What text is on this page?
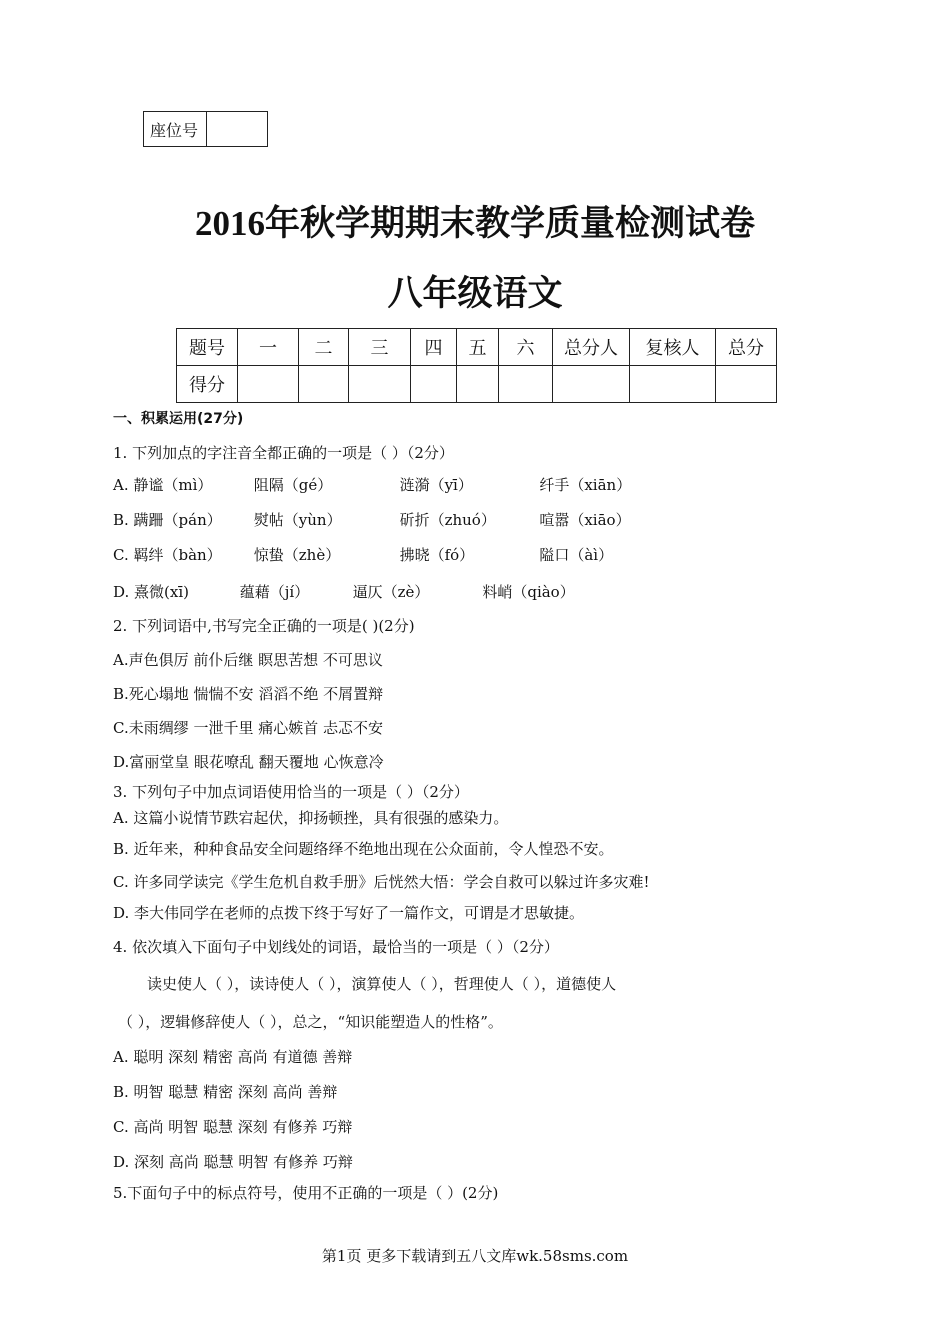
座位号	
2016年秋学期期末教学质量检测试卷
八年级语文
题号	一	二	三	四	五	六	总分人	复核人	总分
得分									
一、积累运用(27分)
1. 下列加点的字注音全都正确的一项是（ ）（2分）
A. 静谧（mì）	阻隔（gé）	涟漪（yī）	纤手（xiān）
B. 蹒跚（pán） 熨帖（yùn）	斫折（zhuó）	喧嚣（xiāo）
C. 羁绊（bàn） 惊蛰（zhè）	拂晓（fó）	隘口（àì）
D. 熹微(xī)	蕴藉（jí）	逼仄（zè）	料峭（qiào）
2. 下列词语中,书写完全正确的一项是( )(2分)
A.声色俱厉 前仆后继 瞑思苦想 不可思议
B.死心塌地 惴惴不安 滔滔不绝 不屑置辩
C.未雨绸缪 一泄千里 痛心嫉首 忐忑不安
D.富丽堂皇 眼花嘹乱 翻天覆地 心恢意冷
3. 下列句子中加点词语使用恰当的一项是（ ）（2分）
A. 这篇小说情节跌宕起伏，抑扬顿挫，具有很强的感染力。
B. 近年来，种种食品安全问题络绎不绝地出现在公众面前，令人惶恐不安。
C. 许多同学读完《学生危机自救手册》后恍然大悟：学会自救可以躲过许多灾难!
D. 李大伟同学在老师的点拨下终于写好了一篇作文，可谓是才思敏捷。
4. 依次填入下面句子中划线处的词语，最恰当的一项是（ ）（2分）
读史使人（ ），读诗使人（ ），演算使人（ ），哲理使人（ ），道德使人
（ ），逻辑修辞使人（ ），总之，“知识能塑造人的性格”。
A. 聪明 深刻 精密 高尚 有道德 善辩
B. 明智 聪慧 精密 深刻 高尚 善辩
C. 高尚 明智 聪慧 深刻 有修养 巧辩
D. 深刻 高尚 聪慧 明智 有修养 巧辩
5.下面句子中的标点符号，使用不正确的一项是（ ）(2分)
第1页 更多下载请到五八文库wk.58sms.com
